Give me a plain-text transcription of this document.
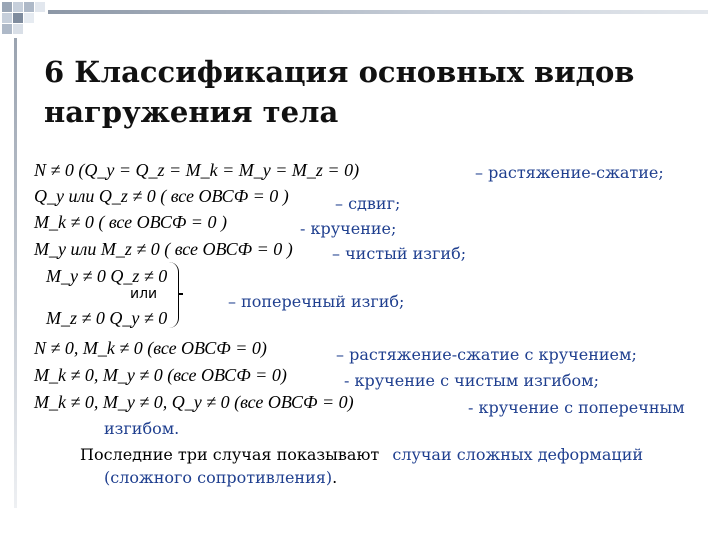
6 Классификация основных видов
нагружения тела
N ≠ 0 (Q_y = Q_z = M_k = M_y = M_z = 0)	– растяжение-сжатие;
Q_y или Q_z ≠ 0 ( все ОВСФ = 0 )	– сдвиг;
M_k ≠ 0 ( все ОВСФ = 0 )	- кручение;
M_y или M_z ≠ 0 ( все ОВСФ = 0 ) – чистый изгиб;
M_y ≠ 0 Q_z ≠ 0
или
M_z ≠ 0 Q_y ≠ 0
– поперечный изгиб;
N ≠ 0, M_k ≠ 0 (все ОВСФ = 0)	– растяжение-сжатие с кручением;
M_k ≠ 0, M_y ≠ 0 (все ОВСФ = 0)	- кручение с чистым изгибом;
M_k ≠ 0, M_y ≠ 0, Q_y ≠ 0 (все ОВСФ = 0)	- кручение с поперечным
изгибом.
Последние три случая показывают случаи сложных деформаций
(сложного сопротивления).
